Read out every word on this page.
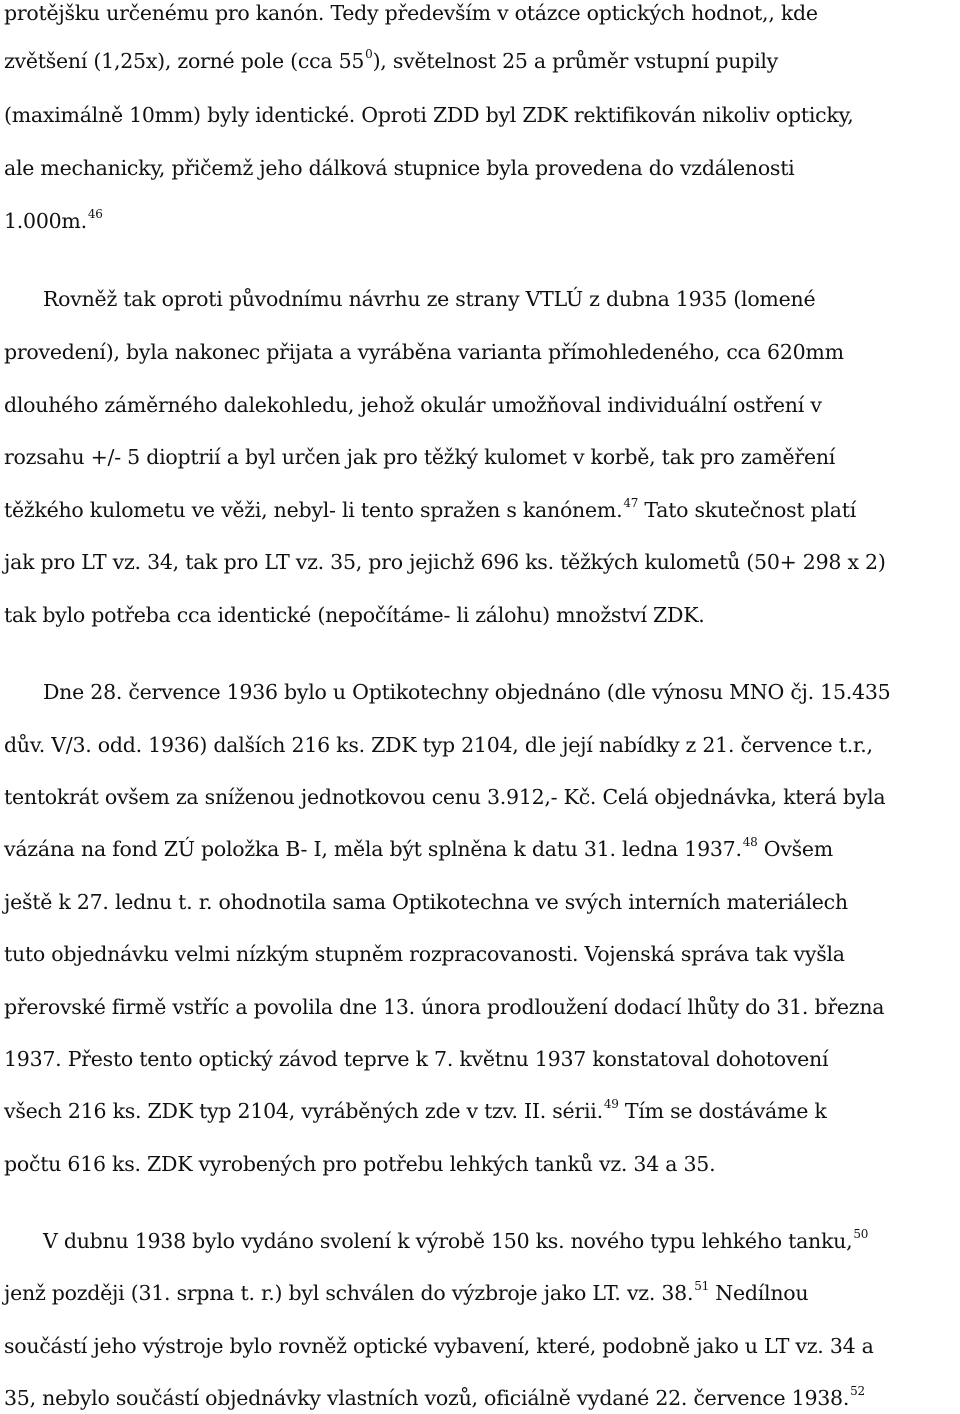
protějšku určenému pro kanón. Tedy především v otázce optických hodnot,, kde
zvětšení (1,25x), zorné pole (cca $55^0$), světelnost 25 a průměr vstupní pupily
(maximálně 10mm) byly identické. Oproti ZDD byl ZDK rektifikován nikoliv opticky,
ale mechanicky, přičemž jeho dálková stupnice byla provedena do vzdálenosti
1.000m.$^{46}$
Rovněž tak oproti původnímu návrhu ze strany VTLÚ z dubna 1935 (lomené
provedení), byla nakonec přijata a vyráběna varianta přímohledeného, cca 620mm
dlouhého záměrného dalekohledu, jehož okulár umožňoval individuální ostření v
rozsahu +/- 5 dioptrií a byl určen jak pro těžký kulomet v korbě, tak pro zaměření
těžkého kulometu ve věži, nebyl- li tento spražen s kanónem.$^{47}$ Tato skutečnost platí
jak pro LT vz. 34, tak pro LT vz. 35, pro jejichž 696 ks. těžkých kulometů (50+ 298 x 2)
tak bylo potřeba cca identické (nepočítáme- li zálohu) množství ZDK.
Dne 28. července 1936 bylo u Optikotechny objednáno (dle výnosu MNO čj. 15.435
dův. V/3. odd. 1936) dalších 216 ks. ZDK typ 2104, dle její nabídky z 21. července t.r.,
tentokrát ovšem za sníženou jednotkovou cenu 3.912,- Kč. Celá objednávka, která byla
vázána na fond ZÚ položka B- I, měla být splněna k datu 31. ledna 1937.48 Ovšem
ještě k 27. lednu t. r. ohodnotila sama Optikotechna ve svých interních materiálech
tuto objednávku velmi nízkým stupněm rozpracovanosti. Vojenská správa tak vyšla
přerovské firmě vstříc a povolila dne 13. února prodloužení dodací lhůty do 31. března
1937. Přesto tento optický závod teprve k 7. květnu 1937 konstatoval dohotovení
všech 216 ks. ZDK typ 2104, vyráběných zde v tzv. II. sérii.$^{49}$ Tím se dostáváme k
počtu 616 ks. ZDK vyrobených pro potřebu lehkých tanků vz. 34 a 35.
V dubnu 1938 bylo vydáno svolení k výrobě 150 ks. nového typu lehkého tanku,$^{50}$
jenž později (31. srpna t. r.) byl schválen do výzbroje jako LT. vz. 38.51 Nedílnou
součástí jeho výstroje bylo rovněž optické vybavení, které, podobně jako u LT vz. 34 a
35, nebylo součástí objednávky vlastních vozů, oficiálně vydané 22. července 1938.52
